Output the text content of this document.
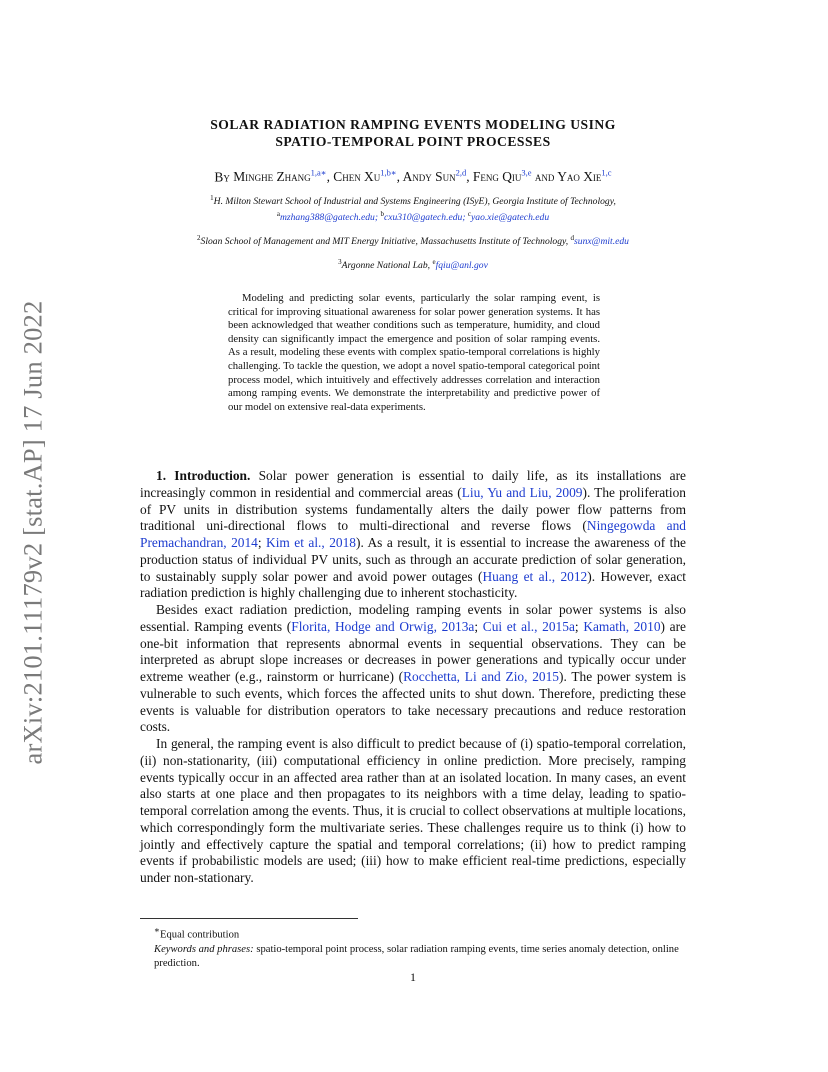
arXiv:2101.11179v2 [stat.AP] 17 Jun 2022
SOLAR RADIATION RAMPING EVENTS MODELING USING
SPATIO-TEMPORAL POINT PROCESSES
By Minghe Zhang$^{1,a∗}$, Chen $Xu^{1,b∗}$, Andy Sun$^{2,d}$, Feng Qiu$^{3,e}$ and Yao Xie$^{1,c}$
$^1$H. Milton Stewart School of Industrial and Systems Engineering (ISyE), Georgia Institute of Technology,
$^a$mzhang388@gatech.edu; $^b$cxu310@gatech.edu; $^c$yao.xie@gatech.edu
$^2$Sloan School of Management and MIT Energy Initiative, Massachusetts Institute of Technology, $^d$sunx@mit.edu
$^3$Argonne National Lab, $^e$fqiu@anl.gov
Modeling and predicting solar events, particularly the solar ramping event, is critical for improving situational awareness for solar power generation systems. It has been acknowledged that weather conditions such as temperature, humidity, and cloud density can significantly impact the emergence and position of solar ramping events. As a result, modeling these events with complex spatio-temporal correlations is highly challenging. To tackle the question, we adopt a novel spatio-temporal categorical point process model, which intuitively and effectively addresses correlation and interaction among ramping events. We demonstrate the interpretability and predictive power of our model on extensive real-data experiments.

1. Introduction. Solar power generation is essential to daily life, as its installations are increasingly common in residential and commercial areas (Liu, Yu and Liu, 2009). The proliferation of PV units in distribution systems fundamentally alters the daily power flow patterns from traditional uni-directional flows to multi-directional and reverse flows (Ningegowda and Premachandran, 2014; Kim et al., 2018). As a result, it is essential to increase the awareness of the production status of individual PV units, such as through an accurate prediction of solar generation, to sustainably supply solar power and avoid power outages (Huang et al., 2012). However, exact radiation prediction is highly challenging due to inherent stochasticity.

Besides exact radiation prediction, modeling ramping events in solar power systems is also essential. Ramping events (Florita, Hodge and Orwig, 2013a; Cui et al., 2015a; Kamath, 2010) are one-bit information that represents abnormal events in sequential observations. They can be interpreted as abrupt slope increases or decreases in power generations and typically occur under extreme weather (e.g., rainstorm or hurricane) (Rocchetta, Li and Zio, 2015). The power system is vulnerable to such events, which forces the affected units to shut down. Therefore, predicting these events is valuable for distribution operators to take necessary precautions and reduce restoration costs.

In general, the ramping event is also difficult to predict because of (i) spatio-temporal correlation, (ii) non-stationarity, (iii) computational efficiency in online prediction. More precisely, ramping events typically occur in an affected area rather than at an isolated location. In many cases, an event also starts at one place and then propagates to its neighbors with a time delay, leading to spatio-temporal correlation among the events. Thus, it is crucial to collect observations at multiple locations, which correspondingly form the multivariate series. These challenges require us to think (i) how to jointly and effectively capture the spatial and temporal correlations; (ii) how to predict ramping events if probabilistic models are used; (iii) how to make efficient real-time predictions, especially under non-stationary.

∗Equal contribution

Keywords and phrases: spatio-temporal point process, solar radiation ramping events, time series anomaly detection, online prediction.

1
